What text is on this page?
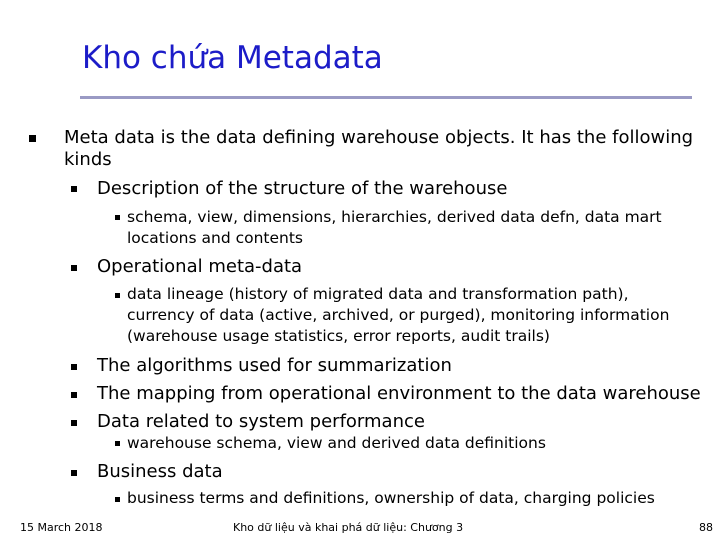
Kho chứa Metadata
Meta data is the data defining warehouse objects. It has the following
kinds
Description of the structure of the warehouse
schema, view, dimensions, hierarchies, derived data defn, data mart
locations and contents
Operational meta-data
data lineage (history of migrated data and transformation path),
currency of data (active, archived, or purged), monitoring information
(warehouse usage statistics, error reports, audit trails)
The algorithms used for summarization
The mapping from operational environment to the data warehouse
Data related to system performance
warehouse schema, view and derived data definitions
Business data
business terms and definitions, ownership of data, charging policies
15 March 2018	Kho dữ liệu và khai phá dữ liệu: Chương 3	88
